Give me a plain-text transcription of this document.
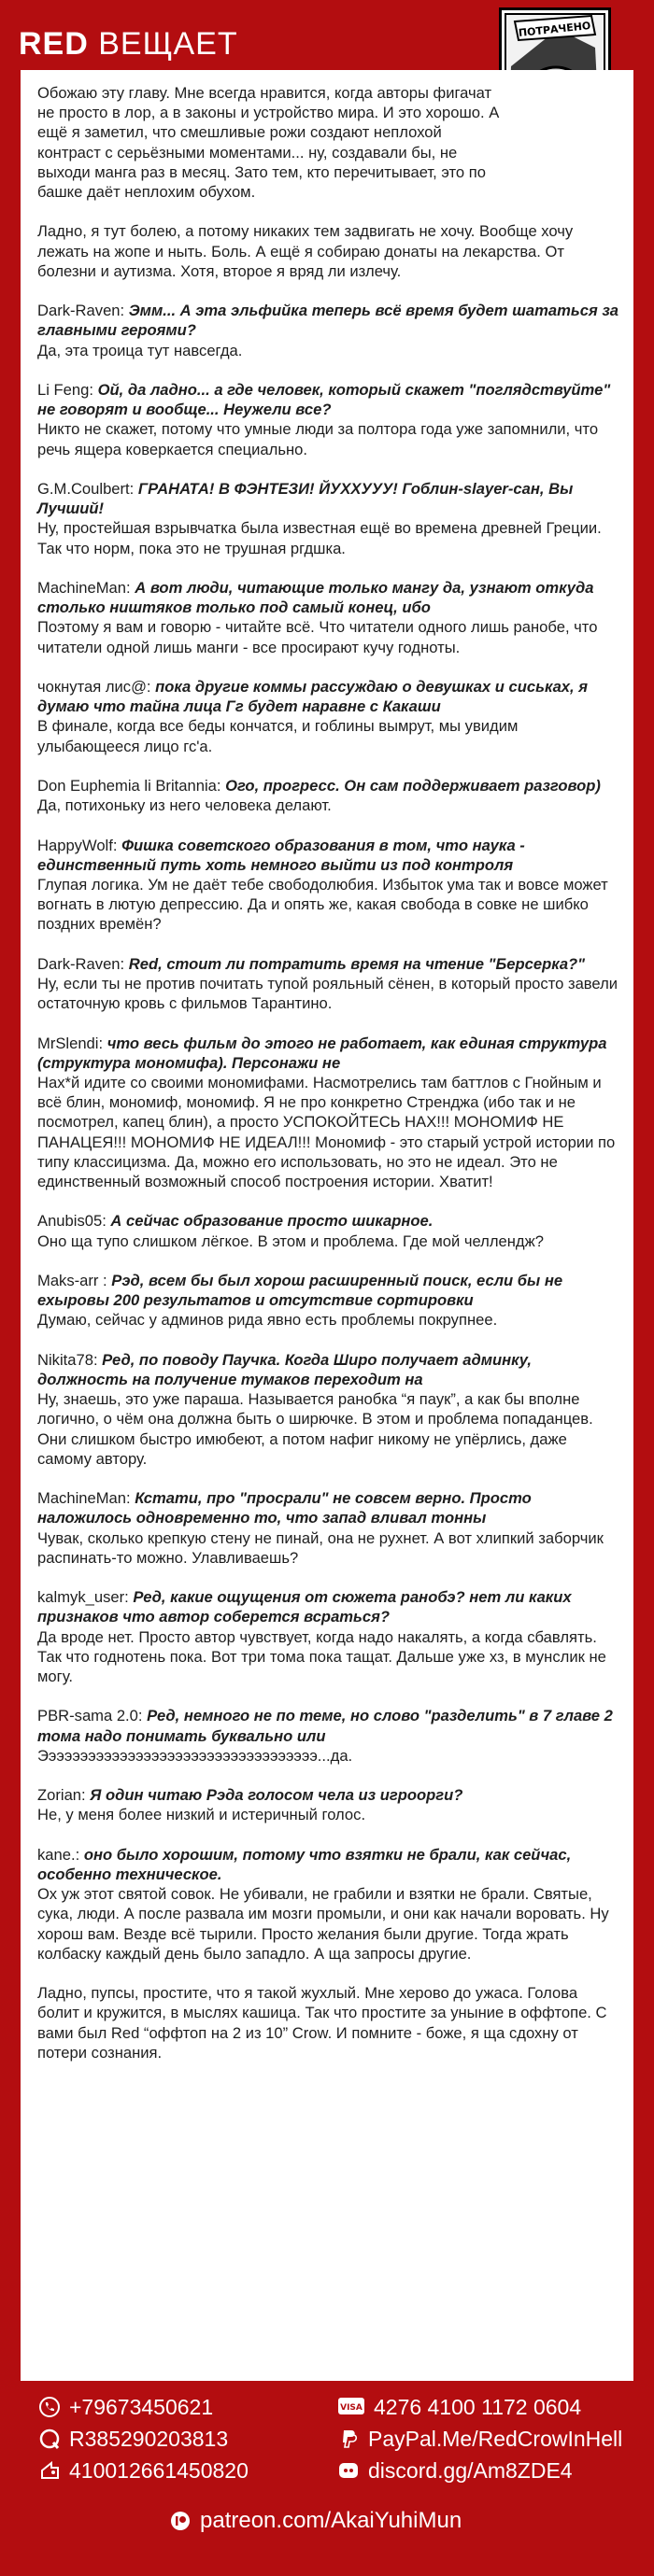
RED ВЕЩАЕТ	ПОТРАЧЕНО

Обожаю эту главу. Мне всегда нравится, когда авторы фигачат не просто в лор, а в законы и устройство мира. И это хорошо. А ещё я заметил, что смешливые рожи создают неплохой контраст с серьёзными моментами... ну, создавали бы, не выходи манга раз в месяц. Зато тем, кто перечитывает, это по башке даёт неплохим обухом.

Ладно, я тут болею, а потому никаких тем задвигать не хочу. Вообще хочу лежать на жопе и ныть. Боль. А ещё я собираю донаты на лекарства. От болезни и аутизма. Хотя, второе я вряд ли излечу.

Dark-Raven: Эмм... А эта эльфийка теперь всё время будет шататься за главными героями?
Да, эта троица тут навсегда.

Li Feng: Ой, да ладно... а где человек, который скажет "поглядствуйте" не говорят и вообще... Неужели все?
Никто не скажет, потому что умные люди за полтора года уже запомнили, что речь ящера коверкается специально.

G.M.Coulbert: ГРАНАТА! В ФЭНТЕЗИ! ЙУХХУУУ! Гоблин-slayer-сан, Вы Лучший!
Ну, простейшая взрывчатка была известная ещё во времена древней Греции. Так что норм, пока это не трушная ргдшка.

MachineMan: А вот люди, читающие только мангу да, узнают откуда столько ништяков только под самый конец, ибо
Поэтому я вам и говорю - читайте всё. Что читатели одного лишь ранобе, что читатели одной лишь манги - все просирают кучу годноты.

чокнутая лис@: пока другие коммы рассуждаю о девушках и сиськах, я думаю что тайна лица Гг будет наравне с Какаши
В финале, когда все беды кончатся, и гоблины вымрут, мы увидим улыбающееся лицо гс'а.

Don Euphemia li Britannia: Ого, прогресс. Он сам поддерживает разговор)
Да, потихоньку из него человека делают.

HappyWolf: Фишка советского образования в том, что наука - единственный путь хоть немного выйти из под контроля
Глупая логика. Ум не даёт тебе свободолюбия. Избыток ума так и вовсе может вогнать в лютую депрессию. Да и опять же, какая свобода в совке не шибко поздних времён?

Dark-Raven: Red, стоит ли потратить время на чтение "Берсерка?"
Ну, если ты не против почитать тупой рояльный сёнен, в который просто завели остаточную кровь с фильмов Тарантино.

MrSlendi: что весь фильм до этого не работает, как единая структура (структура мономифа). Персонажи не
Нах*й идите со своими мономифами. Насмотрелись там баттлов с Гнойным и всё блин, мономиф, мономиф. Я не про конкретно Стренджа (ибо так и не посмотрел, капец блин), а просто УСПОКОЙТЕСЬ НАХ!!! МОНОМИФ НЕ ПАНАЦЕЯ!!! МОНОМИФ НЕ ИДЕАЛ!!! Мономиф - это старый устрой истории по типу классицизма. Да, можно его использовать, но это не идеал. Это не единственный возможный способ построения истории. Хватит!

Anubis05: А сейчас образование просто шикарное.
Оно ща тупо слишком лёгкое. В этом и проблема. Где мой челлендж?

Maks-arr : Рэд, всем бы был хорош расширенный поиск, если бы не ехыровы 200 результатов и отсутствие сортировки
Думаю, сейчас у админов рида явно есть проблемы покрупнее.

Nikita78: Ред, по поводу Паучка. Когда Широ получает админку, должность на получение тумаков переходит на
Ну, знаешь, это уже параша. Называется ранобка “я паук”, а как бы вполне логично, о чём она должна быть о ширючке. В этом и проблема попаданцев. Они слишком быстро имюбеют, а потом нафиг никому не упёрлись, даже самому автору.

MachineMan: Кстати, про "просрали" не совсем верно. Просто наложилось одновременно то, что запад вливал тонны
Чувак, сколько крепкую стену не пинай, она не рухнет. А вот хлипкий заборчик распинать-то можно. Улавливаешь?

kalmyk_user: Ред, какие ощущения от сюжета ранобэ? нет ли каких признаков что автор соберется всраться?
Да вроде нет. Просто автор чувствует, когда надо накалять, а когда сбавлять. Так что годнотень пока. Вот три тома пока тащат. Дальше уже хз, в мунслик не могу.

PBR-sama 2.0: Ред, немного не по теме, но слово "разделить" в 7 главе 2 тома надо понимать буквально или
Эээээээээээээээээээээээээээээээээээ...да.

Zorian: Я один читаю Рэда голосом челa из игроорги?
Не, у меня более низкий и истеричный голос.

kane.: оно было хорошим, потому что взятки не брали, как сейчас, особенно техническое.
Ох уж этот святой совок. Не убивали, не грабили и взятки не брали. Святые, сука, люди. А после развала им мозги промыли, и они как начали воровать. Ну хорош вам. Везде всё тырили. Просто желания были другие. Тогда жрать колбаску каждый день было западло. А ща запросы другие.

Ладно, пупсы, простите, что я такой жухлый. Мне херово до ужаса. Голова болит и кружится, в мыслях кашица. Так что простите за уныние в оффтопе. С вами был Red “оффтоп на 2 из 10” Crow. И помните - боже, я ща сдохну от потери сознания.

+79673450621
R385290203813
410012661450820
VISA 4276 4100 1172 0604
PayPal.Me/RedCrowInHell
discord.gg/Am8ZDE4
patreon.com/AkaiYuhiMun
